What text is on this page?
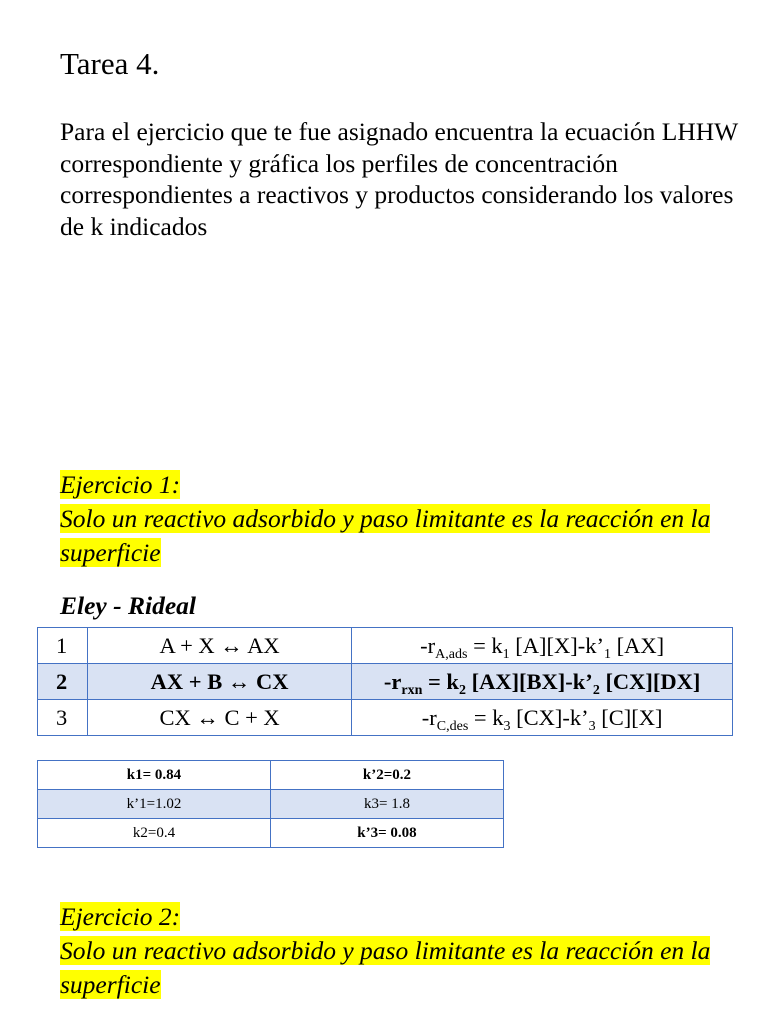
Tarea 4.

Para el ejercicio que te fue asignado encuentra la ecuación LHHW correspondiente y gráfica los perfiles de concentración correspondientes a reactivos y productos considerando los valores de k indicados

Ejercicio 1:
Solo un reactivo adsorbido y paso limitante es la reacción en la superficie

Eley - Rideal

1	A + X ↔ AX	$-r_{A,ads} = k_1$ $[A][X]-k’_1$ [AX]
2	AX + B ↔ CX	$-r_{rxn} = k_2$ $[AX][BX]-k’_2$ [CX][DX]
3	CX ↔ C + X	$-r_{C,des} = k_3$ $[CX]-k’_3$ [C][X]
k1= 0.84	k’2=0.2
k’1=1.02	k3= 1.8
k2=0.4	k’3= 0.08

Ejercicio 2:
Solo un reactivo adsorbido y paso limitante es la reacción en la superficie
